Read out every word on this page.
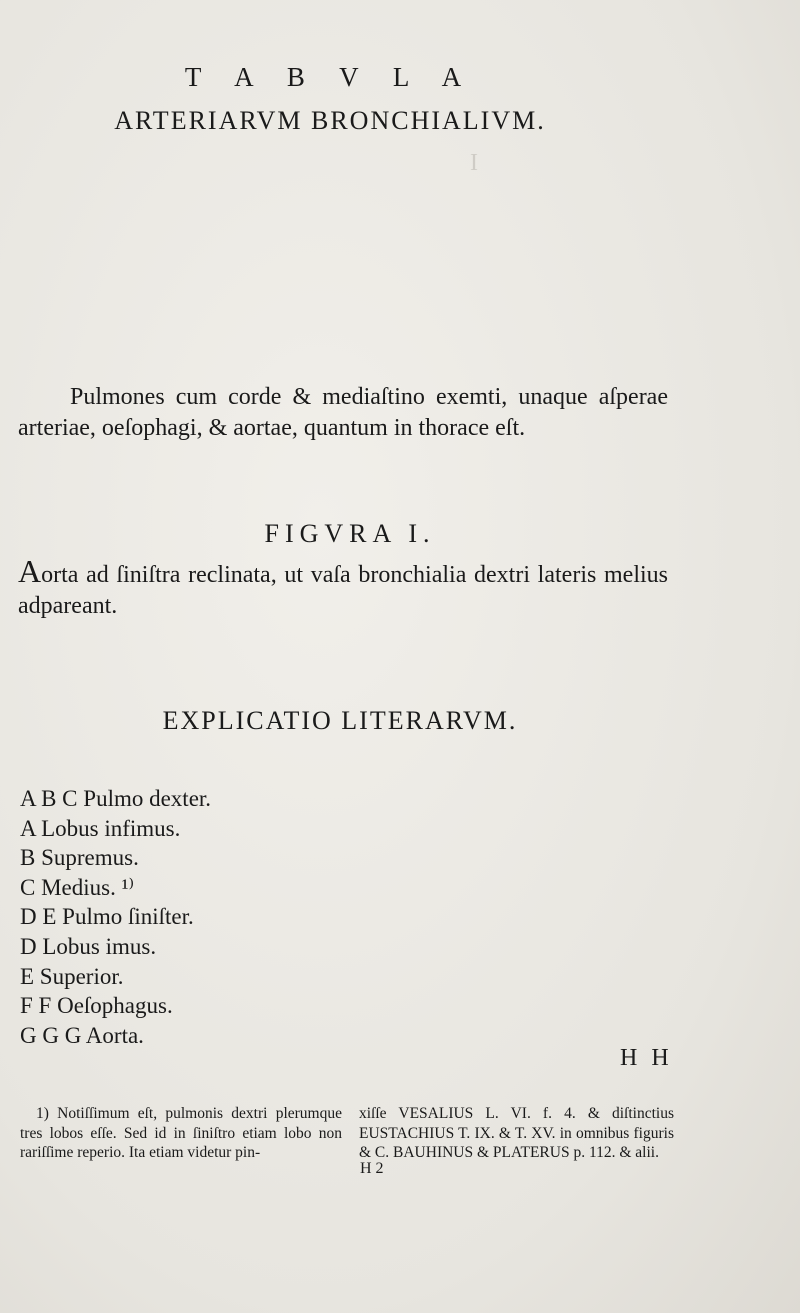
I
T A B V L A
ARTERIARVM BRONCHIALIVM.
Pulmones cum corde & mediaſtino exemti, unaque aſperae arteriae, oeſophagi, & aortae, quantum in thorace eſt.
FIGVRA I.
Aorta ad ſiniſtra reclinata, ut vaſa bronchialia dextri lateris melius adpareant.
EXPLICATIO LITERARVM.
A B C Pulmo dexter.
A Lobus infimus.
B Supremus.
C Medius. ¹⁾
D E Pulmo ſiniſter.
D Lobus imus.
E Superior.
F F Oeſophagus.
G G G Aorta.
H H
1) Notiſſimum eſt, pulmonis dextri plerumque tres lobos eſſe. Sed id in ſiniſtro etiam lobo non rariſſime reperio. Ita etiam videtur pin-
xiſſe VESALIUS L. VI. f. 4. & diſtinctius EUSTACHIUS T. IX. & T. XV. in omnibus figuris & C. BAUHINUS & PLATERUS p. 112. & alii.
H 2
